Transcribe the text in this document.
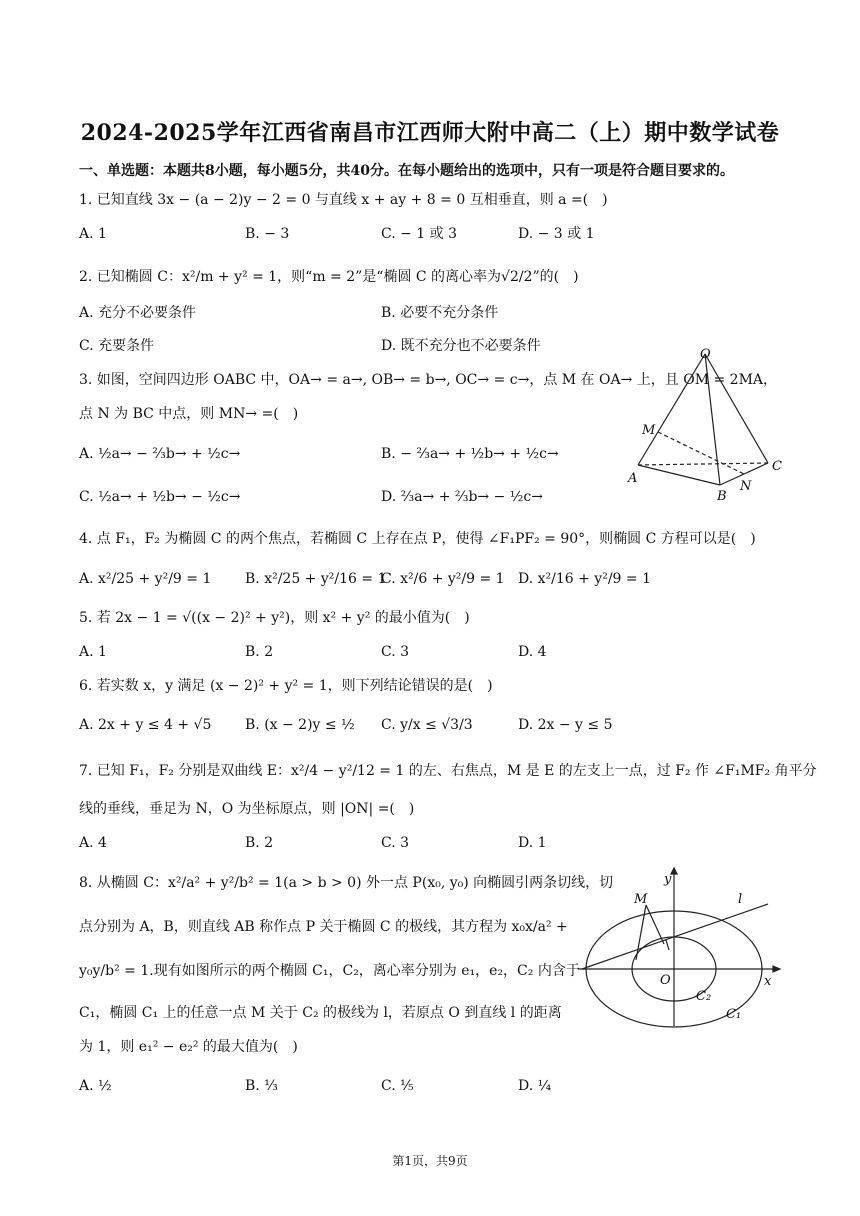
2024-2025学年江西省南昌市江西师大附中高二（上）期中数学试卷
一、单选题：本题共8小题，每小题5分，共40分。在每小题给出的选项中，只有一项是符合题目要求的。
1. 已知直线 3x − (a − 2)y − 2 = 0 与直线 x + ay + 8 = 0 互相垂直，则 a =(　)
A. 1	B. − 3	C. − 1 或 3	D. − 3 或 1
2. 已知椭圆 C：x²/m + y² = 1，则“m = 2”是“椭圆 C 的离心率为√2/2”的(　)
A. 充分不必要条件	B. 必要不充分条件
C. 充要条件	D. 既不充分也不必要条件
3. 如图，空间四边形 OABC 中，OA→ = a→, OB→ = b→, OC→ = c→，点 M 在 OA→ 上，且 OM = 2MA，
点 N 为 BC 中点，则 MN→ =(　)
A. ½a→ − ⅔b→ + ½c→	B. − ⅔a→ + ½b→ + ½c→
C. ½a→ + ½b→ − ½c→	D. ⅔a→ + ⅔b→ − ½c→
O
M
A
B
C
N
4. 点 F₁，F₂ 为椭圆 C 的两个焦点，若椭圆 C 上存在点 P，使得 ∠F₁PF₂ = 90°，则椭圆 C 方程可以是(　)
A. x²/25 + y²/9 = 1 B. x²/25 + y²/16 = 1
C. x²/6 + y²/9 = 1 D. x²/16 + y²/9 = 1
5. 若 2x − 1 = √((x − 2)² + y²)，则 x² + y² 的最小值为(　)
A. 1	B. 2	C. 3	D. 4
6. 若实数 x，y 满足 (x − 2)² + y² = 1，则下列结论错误的是(　)
A. 2x + y ≤ 4 + √5 B. (x − 2)y ≤ ½ C. y/x ≤ √3/3	D. 2x − y ≤ 5
7. 已知 F₁，F₂ 分别是双曲线 E：x²/4 − y²/12 = 1 的左、右焦点，M 是 E 的左支上一点，过 F₂ 作 ∠F₁MF₂ 角平分
线的垂线，垂足为 N，O 为坐标原点，则 |ON| =(　)
A. 4	B. 2	C. 3	D. 1
8. 从椭圆 C：x²/a² + y²/b² = 1(a > b > 0) 外一点 P(x₀, y₀) 向椭圆引两条切线，切
点分别为 A，B，则直线 AB 称作点 P 关于椭圆 C 的极线，其方程为 x₀x/a² +
y₀y/b² = 1.现有如图所示的两个椭圆 C₁，C₂，离心率分别为 e₁，e₂，C₂ 内含于
C₁，椭圆 C₁ 上的任意一点 M 关于 C₂ 的极线为 l，若原点 O 到直线 l 的距离
为 1，则 e₁² − e₂² 的最大值为(　)
A. ½	B. ⅓	C. ⅕	D. ¼
y
x
M
O
l
C₂
C₁
第1页，共9页
